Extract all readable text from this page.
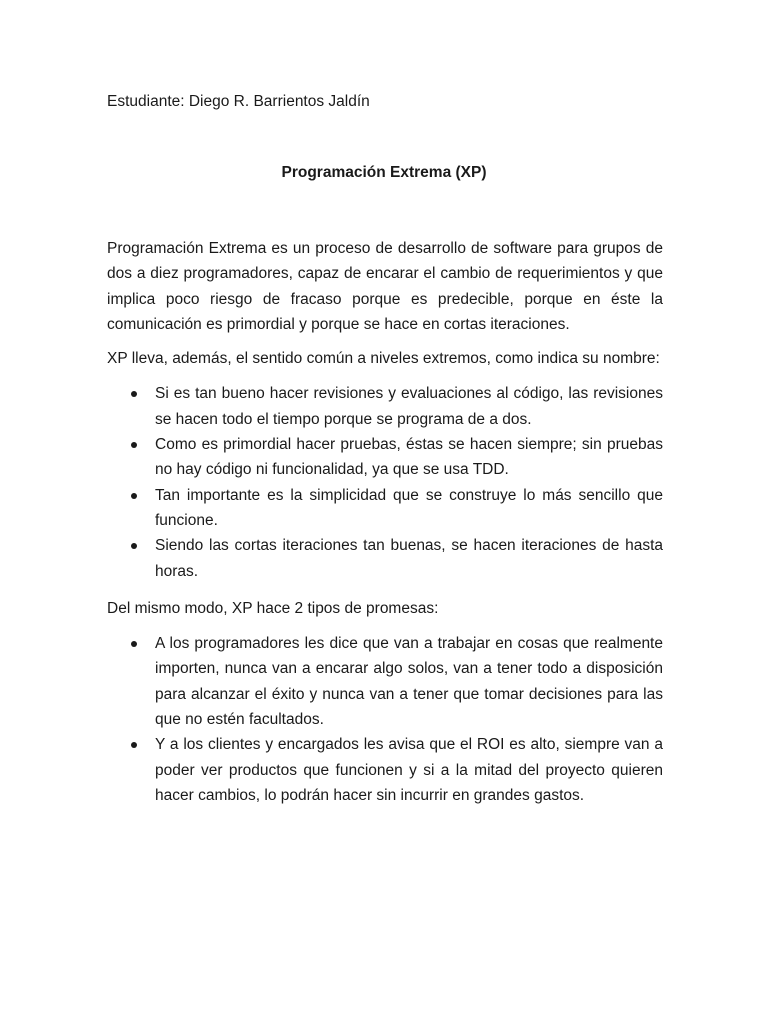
Estudiante: Diego R. Barrientos Jaldín
Programación Extrema (XP)

Programación Extrema es un proceso de desarrollo de software para grupos de dos a diez programadores, capaz de encarar el cambio de requerimientos y que implica poco riesgo de fracaso porque es predecible, porque en éste la comunicación es primordial y porque se hace en cortas iteraciones.

XP lleva, además, el sentido común a niveles extremos, como indica su nombre:

Si es tan bueno hacer revisiones y evaluaciones al código, las revisiones se hacen todo el tiempo porque se programa de a dos.
Como es primordial hacer pruebas, éstas se hacen siempre; sin pruebas no hay código ni funcionalidad, ya que se usa TDD.
Tan importante es la simplicidad que se construye lo más sencillo que funcione.
Siendo las cortas iteraciones tan buenas, se hacen iteraciones de hasta horas.

Del mismo modo, XP hace 2 tipos de promesas:

A los programadores les dice que van a trabajar en cosas que realmente importen, nunca van a encarar algo solos, van a tener todo a disposición para alcanzar el éxito y nunca van a tener que tomar decisiones para las que no estén facultados.
Y a los clientes y encargados les avisa que el ROI es alto, siempre van a poder ver productos que funcionen y si a la mitad del proyecto quieren hacer cambios, lo podrán hacer sin incurrir en grandes gastos.
